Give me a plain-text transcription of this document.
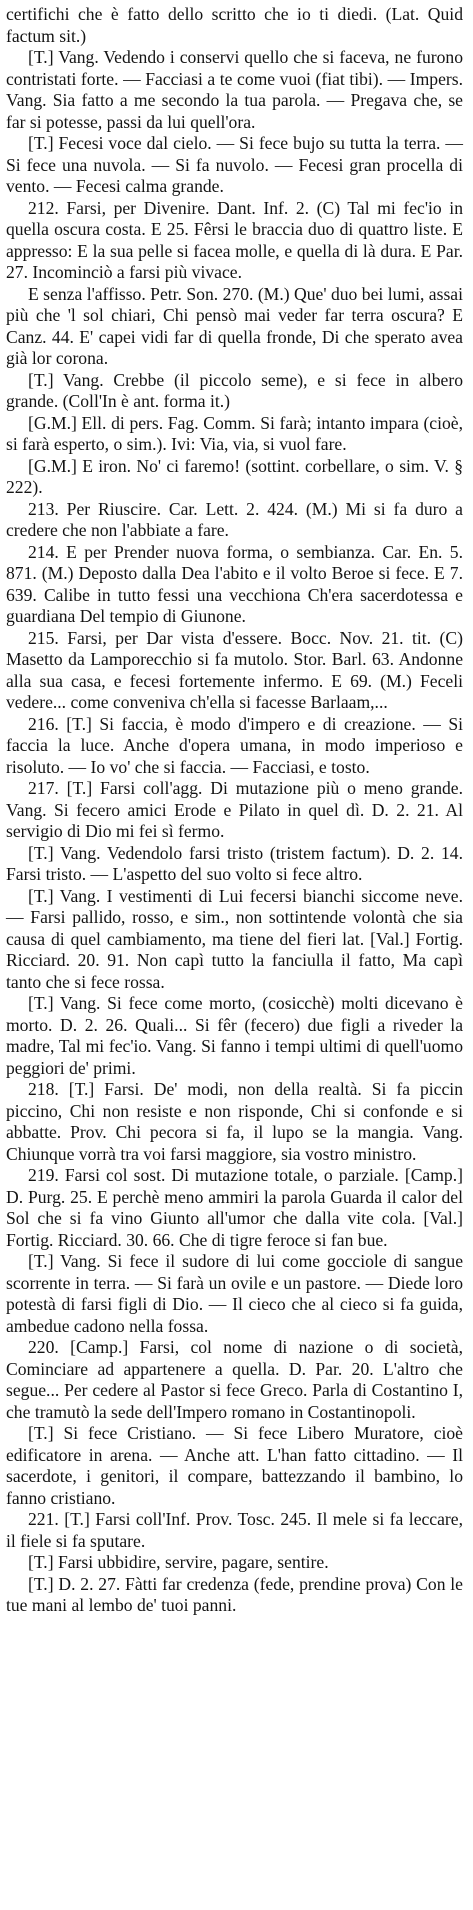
certifichi che è fatto dello scritto che io ti diedi. (Lat. Quid factum sit.)

[T.] Vang. Vedendo i conservi quello che si faceva, ne furono contristati forte. — Facciasi a te come vuoi (fiat tibi). — Impers. Vang. Sia fatto a me secondo la tua parola. — Pregava che, se far si potesse, passi da lui quell'ora.

[T.] Fecesi voce dal cielo. — Si fece bujo su tutta la terra. — Si fece una nuvola. — Si fa nuvolo. — Fecesi gran procella di vento. — Fecesi calma grande.

212. Farsi, per Divenire. Dant. Inf. 2. (C) Tal mi fec'io in quella oscura costa. E 25. Fêrsi le braccia duo di quattro liste. E appresso: E la sua pelle si facea molle, e quella di là dura. E Par. 27. Incominciò a farsi più vivace.

E senza l'affisso. Petr. Son. 270. (M.) Que' duo bei lumi, assai più che 'l sol chiari, Chi pensò mai veder far terra oscura? E Canz. 44. E' capei vidi far di quella fronde, Di che sperato avea già lor corona.

[T.] Vang. Crebbe (il piccolo seme), e si fece in albero grande. (Coll'In è ant. forma it.)

[G.M.] Ell. di pers. Fag. Comm. Si farà; intanto impara (cioè, si farà esperto, o sim.). Ivi: Via, via, si vuol fare.

[G.M.] E iron. No' ci faremo! (sottint. corbellare, o sim. V. § 222).

213. Per Riuscire. Car. Lett. 2. 424. (M.) Mi si fa duro a credere che non l'abbiate a fare.

214. E per Prender nuova forma, o sembianza. Car. En. 5. 871. (M.) Deposto dalla Dea l'abito e il volto Beroe si fece. E 7. 639. Calibe in tutto fessi una vecchiona Ch'era sacerdotessa e guardiana Del tempio di Giunone.

215. Farsi, per Dar vista d'essere. Bocc. Nov. 21. tit. (C) Masetto da Lamporecchio si fa mutolo. Stor. Barl. 63. Andonne alla sua casa, e fecesi fortemente infermo. E 69. (M.) Feceli vedere... come conveniva ch'ella si facesse Barlaam,...

216. [T.] Si faccia, è modo d'impero e di creazione. — Si faccia la luce. Anche d'opera umana, in modo imperioso e risoluto. — Io vo' che si faccia. — Facciasi, e tosto.

217. [T.] Farsi coll'agg. Di mutazione più o meno grande. Vang. Si fecero amici Erode e Pilato in quel dì. D. 2. 21. Al servigio di Dio mi fei sì fermo.

[T.] Vang. Vedendolo farsi tristo (tristem factum). D. 2. 14. Farsi tristo. — L'aspetto del suo volto si fece altro.

[T.] Vang. I vestimenti di Lui fecersi bianchi siccome neve. — Farsi pallido, rosso, e sim., non sottintende volontà che sia causa di quel cambiamento, ma tiene del fieri lat. [Val.] Fortig. Ricciard. 20. 91. Non capì tutto la fanciulla il fatto, Ma capì tanto che si fece rossa.

[T.] Vang. Si fece come morto, (cosicchè) molti dicevano è morto. D. 2. 26. Quali... Si fêr (fecero) due figli a riveder la madre, Tal mi fec'io. Vang. Si fanno i tempi ultimi di quell'uomo peggiori de' primi.

218. [T.] Farsi. De' modi, non della realtà. Si fa piccin piccino, Chi non resiste e non risponde, Chi si confonde e si abbatte. Prov. Chi pecora si fa, il lupo se la mangia. Vang. Chiunque vorrà tra voi farsi maggiore, sia vostro ministro.

219. Farsi col sost. Di mutazione totale, o parziale. [Camp.] D. Purg. 25. E perchè meno ammiri la parola Guarda il calor del Sol che si fa vino Giunto all'umor che dalla vite cola. [Val.] Fortig. Ricciard. 30. 66. Che di tigre feroce si fan bue.

[T.] Vang. Si fece il sudore di lui come gocciole di sangue scorrente in terra. — Si farà un ovile e un pastore. — Diede loro potestà di farsi figli di Dio. — Il cieco che al cieco si fa guida, ambedue cadono nella fossa.

220. [Camp.] Farsi, col nome di nazione o di società, Cominciare ad appartenere a quella. D. Par. 20. L'altro che segue... Per cedere al Pastor si fece Greco. Parla di Costantino I, che tramutò la sede dell'Impero romano in Costantinopoli.

[T.] Si fece Cristiano. — Si fece Libero Muratore, cioè edificatore in arena. — Anche att. L'han fatto cittadino. — Il sacerdote, i genitori, il compare, battezzando il bambino, lo fanno cristiano.

221. [T.] Farsi coll'Inf. Prov. Tosc. 245. Il mele si fa leccare, il fiele si fa sputare.

[T.] Farsi ubbidire, servire, pagare, sentire.

[T.] D. 2. 27. Fàtti far credenza (fede, prendine prova) Con le tue mani al lembo de' tuoi panni.
